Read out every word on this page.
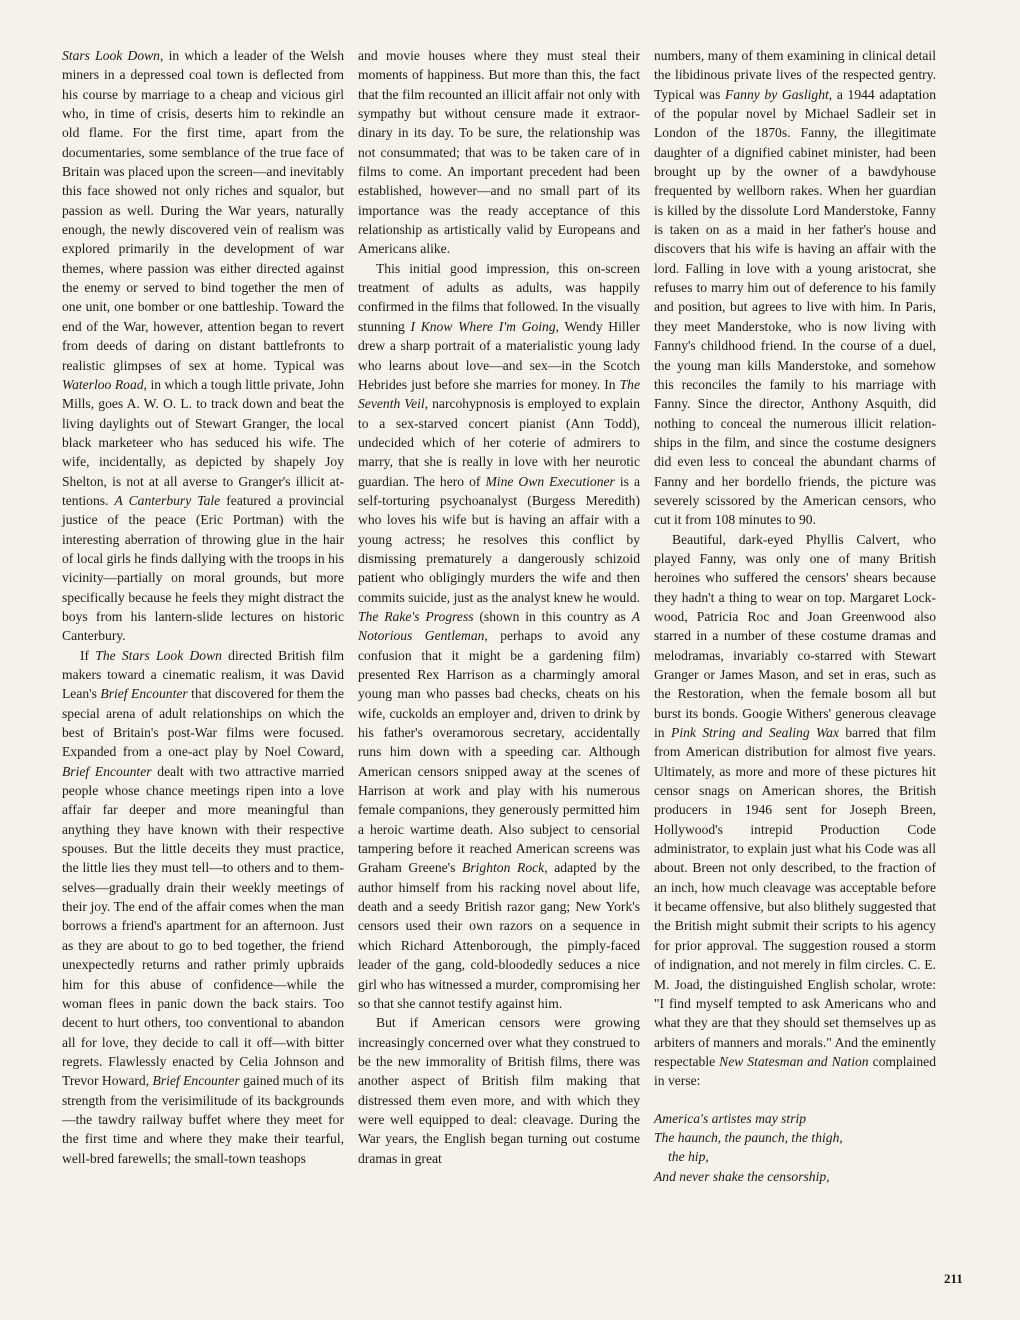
Stars Look Down, in which a leader of the Welsh miners in a depressed coal town is deflected from his course by marriage to a cheap and vicious girl who, in time of crisis, deserts him to rekindle an old flame. For the first time, apart from the documentaries, some semblance of the true face of Britain was placed upon the screen—and inevitably this face showed not only riches and squalor, but passion as well. During the War years, naturally enough, the newly discovered vein of realism was explored primarily in the development of war themes, where passion was either directed against the enemy or served to bind together the men of one unit, one bomber or one battleship. Toward the end of the War, however, attention began to revert from deeds of daring on distant battlefronts to realistic glimpses of sex at home. Typical was Waterloo Road, in which a tough little private, John Mills, goes A. W. O. L. to track down and beat the living daylights out of Stewart Granger, the local black marketeer who has seduced his wife. The wife, incidentally, as depicted by shapely Joy Shelton, is not at all averse to Granger's illicit attentions. A Canterbury Tale featured a provincial justice of the peace (Eric Portman) with the interesting aberration of throwing glue in the hair of local girls he finds dallying with the troops in his vicinity—partially on moral grounds, but more specifically because he feels they might distract the boys from his lantern-slide lectures on historic Canterbury.

If The Stars Look Down directed British film makers toward a cinematic realism, it was David Lean's Brief Encounter that discovered for them the special arena of adult relationships on which the best of Britain's post-War films were focused. Expanded from a one-act play by Noel Coward, Brief Encounter dealt with two attractive married people whose chance meetings ripen into a love affair far deeper and more meaningful than anything they have known with their respective spouses. But the little deceits they must practice, the little lies they must tell—to others and to themselves—gradually drain their weekly meetings of their joy. The end of the affair comes when the man borrows a friend's apartment for an afternoon. Just as they are about to go to bed together, the friend unexpectedly returns and rather primly upbraids him for this abuse of confidence—while the woman flees in panic down the back stairs. Too decent to hurt others, too conventional to abandon all for love, they decide to call it off—with bitter regrets. Flawlessly enacted by Celia Johnson and Trevor Howard, Brief Encounter gained much of its strength from the verisimilitude of its backgrounds—the tawdry railway buffet where they meet for the first time and where they make their tearful, well-bred farewells; the small-town teashops

and movie houses where they must steal their moments of happiness. But more than this, the fact that the film recounted an illicit affair not only with sympathy but without censure made it extraordinary in its day. To be sure, the relationship was not consummated; that was to be taken care of in films to come. An important precedent had been established, however—and no small part of its importance was the ready acceptance of this relationship as artistically valid by Europeans and Americans alike.

This initial good impression, this on-screen treatment of adults as adults, was happily confirmed in the films that followed. In the visually stunning I Know Where I'm Going, Wendy Hiller drew a sharp portrait of a materialistic young lady who learns about love—and sex—in the Scotch Hebrides just before she marries for money. In The Seventh Veil, narcohypnosis is employed to explain to a sex-starved concert pianist (Ann Todd), undecided which of her coterie of admirers to marry, that she is really in love with her neurotic guardian. The hero of Mine Own Executioner is a self-torturing psychoanalyst (Burgess Meredith) who loves his wife but is having an affair with a young actress; he resolves this conflict by dismissing prematurely a dangerously schizoid patient who obligingly murders the wife and then commits suicide, just as the analyst knew he would. The Rake's Progress (shown in this country as A Notorious Gentleman, perhaps to avoid any confusion that it might be a gardening film) presented Rex Harrison as a charmingly amoral young man who passes bad checks, cheats on his wife, cuckolds an employer and, driven to drink by his father's overamorous secretary, accidentally runs him down with a speeding car. Although American censors snipped away at the scenes of Harrison at work and play with his numerous female companions, they generously permitted him a heroic wartime death. Also subject to censorial tampering before it reached American screens was Graham Greene's Brighton Rock, adapted by the author himself from his racking novel about life, death and a seedy British razor gang; New York's censors used their own razors on a sequence in which Richard Attenborough, the pimply-faced leader of the gang, cold-bloodedly seduces a nice girl who has witnessed a murder, compromising her so that she cannot testify against him.

But if American censors were growing increasingly concerned over what they construed to be the new immorality of British films, there was another aspect of British film making that distressed them even more, and with which they were well equipped to deal: cleavage. During the War years, the English began turning out costume dramas in great

numbers, many of them examining in clinical detail the libidinous private lives of the respected gentry. Typical was Fanny by Gaslight, a 1944 adaptation of the popular novel by Michael Sadleir set in London of the 1870s. Fanny, the illegitimate daughter of a dignified cabinet minister, had been brought up by the owner of a bawdyhouse frequented by wellborn rakes. When her guardian is killed by the dissolute Lord Manderstoke, Fanny is taken on as a maid in her father's house and discovers that his wife is having an affair with the lord. Falling in love with a young aristocrat, she refuses to marry him out of deference to his family and position, but agrees to live with him. In Paris, they meet Manderstoke, who is now living with Fanny's childhood friend. In the course of a duel, the young man kills Manderstoke, and somehow this reconciles the family to his marriage with Fanny. Since the director, Anthony Asquith, did nothing to conceal the numerous illicit relationships in the film, and since the costume designers did even less to conceal the abundant charms of Fanny and her bordello friends, the picture was severely scissored by the American censors, who cut it from 108 minutes to 90.

Beautiful, dark-eyed Phyllis Calvert, who played Fanny, was only one of many British heroines who suffered the censors' shears because they hadn't a thing to wear on top. Margaret Lockwood, Patricia Roc and Joan Greenwood also starred in a number of these costume dramas and melodramas, invariably co-starred with Stewart Granger or James Mason, and set in eras, such as the Restoration, when the female bosom all but burst its bonds. Googie Withers' generous cleavage in Pink String and Sealing Wax barred that film from American distribution for almost five years. Ultimately, as more and more of these pictures hit censor snags on American shores, the British producers in 1946 sent for Joseph Breen, Hollywood's intrepid Production Code administrator, to explain just what his Code was all about. Breen not only described, to the fraction of an inch, how much cleavage was acceptable before it became offensive, but also blithely suggested that the British might submit their scripts to his agency for prior approval. The suggestion roused a storm of indignation, and not merely in film circles. C. E. M. Joad, the distinguished English scholar, wrote: "I find myself tempted to ask Americans who and what they are that they should set themselves up as arbiters of manners and morals." And the eminently respectable New Statesman and Nation complained in verse:

America's artistes may strip
The haunch, the paunch, the thigh,
the hip,
And never shake the censorship,
211
